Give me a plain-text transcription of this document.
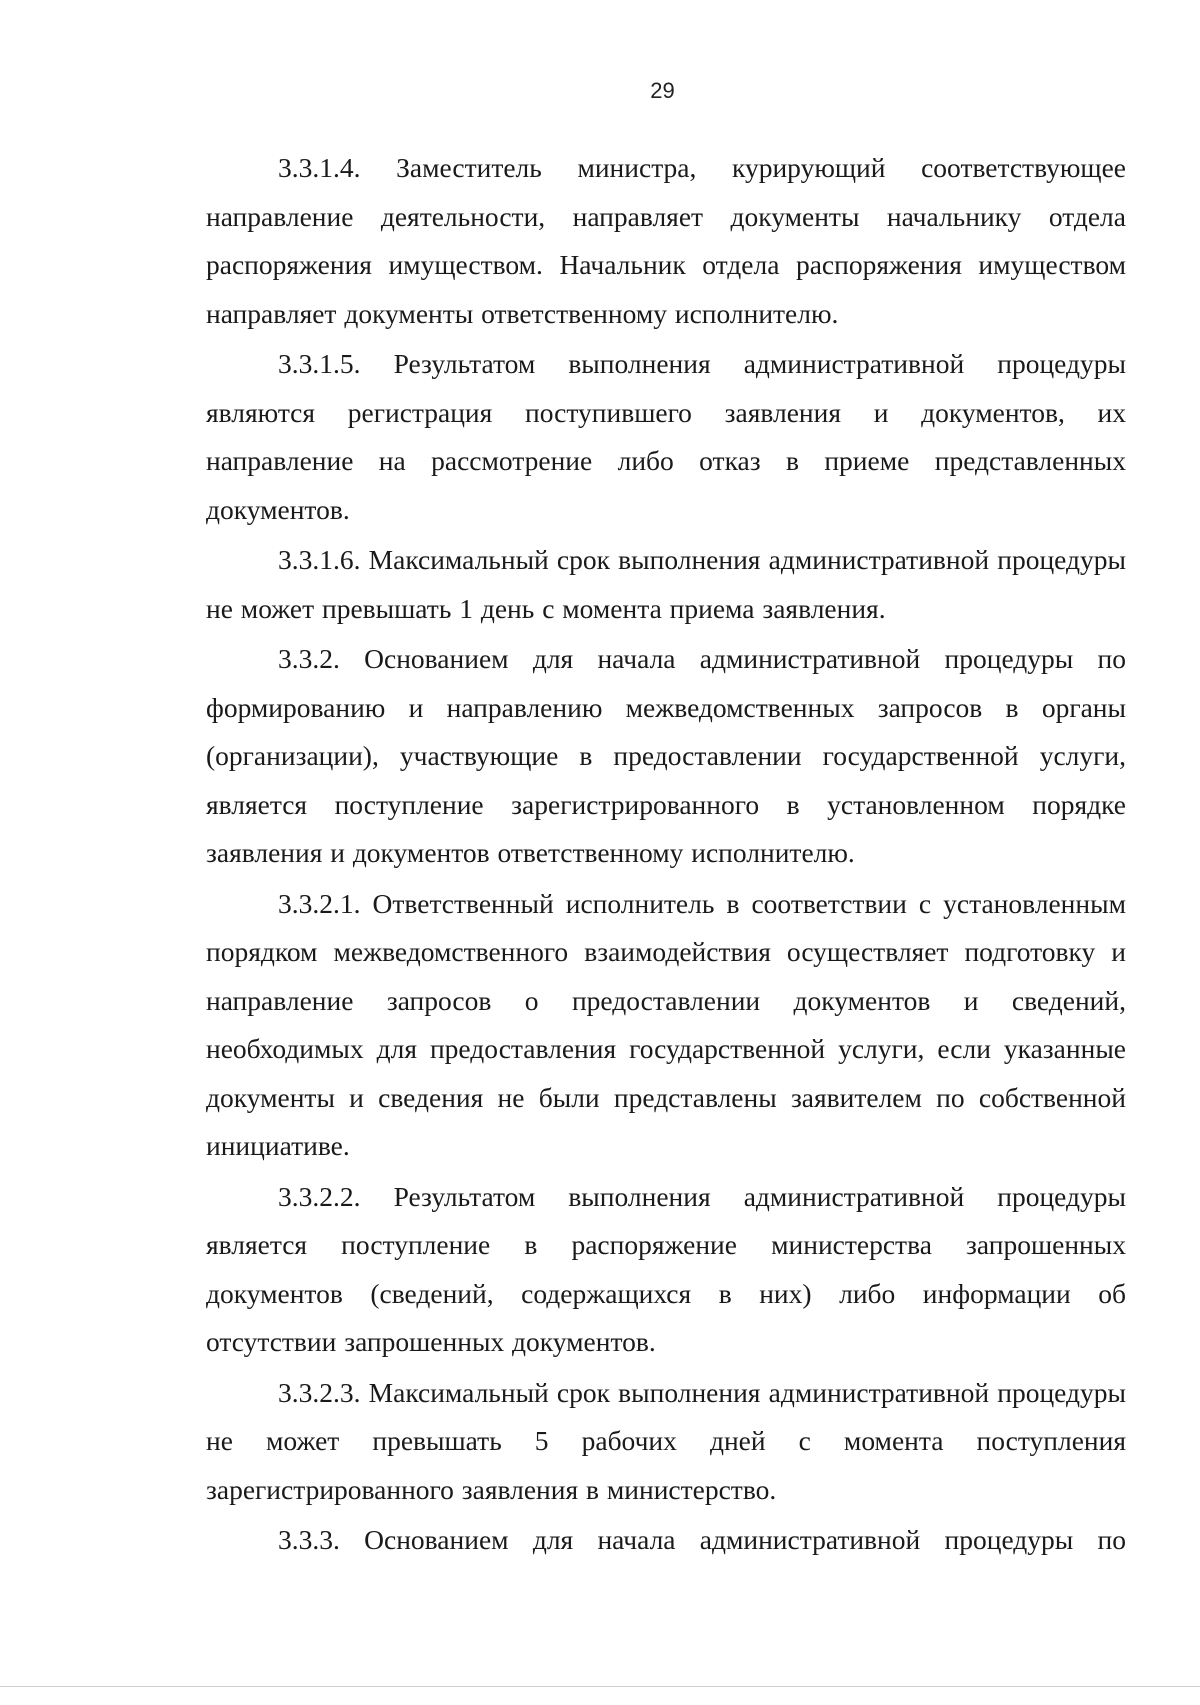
29

3.3.1.4. Заместитель министра, курирующий соответствующее направление деятельности, направляет документы начальнику отдела распоряжения имуществом. Начальник отдела распоряжения имуществом направляет документы ответственному исполнителю.

3.3.1.5. Результатом выполнения административной процедуры являются регистрация поступившего заявления и документов, их направление на рассмотрение либо отказ в приеме представленных документов.

3.3.1.6. Максимальный срок выполнения административной процедуры не может превышать 1 день с момента приема заявления.

3.3.2. Основанием для начала административной процедуры по формированию и направлению межведомственных запросов в органы (организации), участвующие в предоставлении государственной услуги, является поступление зарегистрированного в установленном порядке заявления и документов ответственному исполнителю.

3.3.2.1. Ответственный исполнитель в соответствии с установленным порядком межведомственного взаимодействия осуществляет подготовку и направление запросов о предоставлении документов и сведений, необходимых для предоставления государственной услуги, если указанные документы и сведения не были представлены заявителем по собственной инициативе.

3.3.2.2. Результатом выполнения административной процедуры является поступление в распоряжение министерства запрошенных документов (сведений, содержащихся в них) либо информации об отсутствии запрошенных документов.

3.3.2.3. Максимальный срок выполнения административной процедуры не может превышать 5 рабочих дней с момента поступления зарегистрированного заявления в министерство.

3.3.3. Основанием для начала административной процедуры по
